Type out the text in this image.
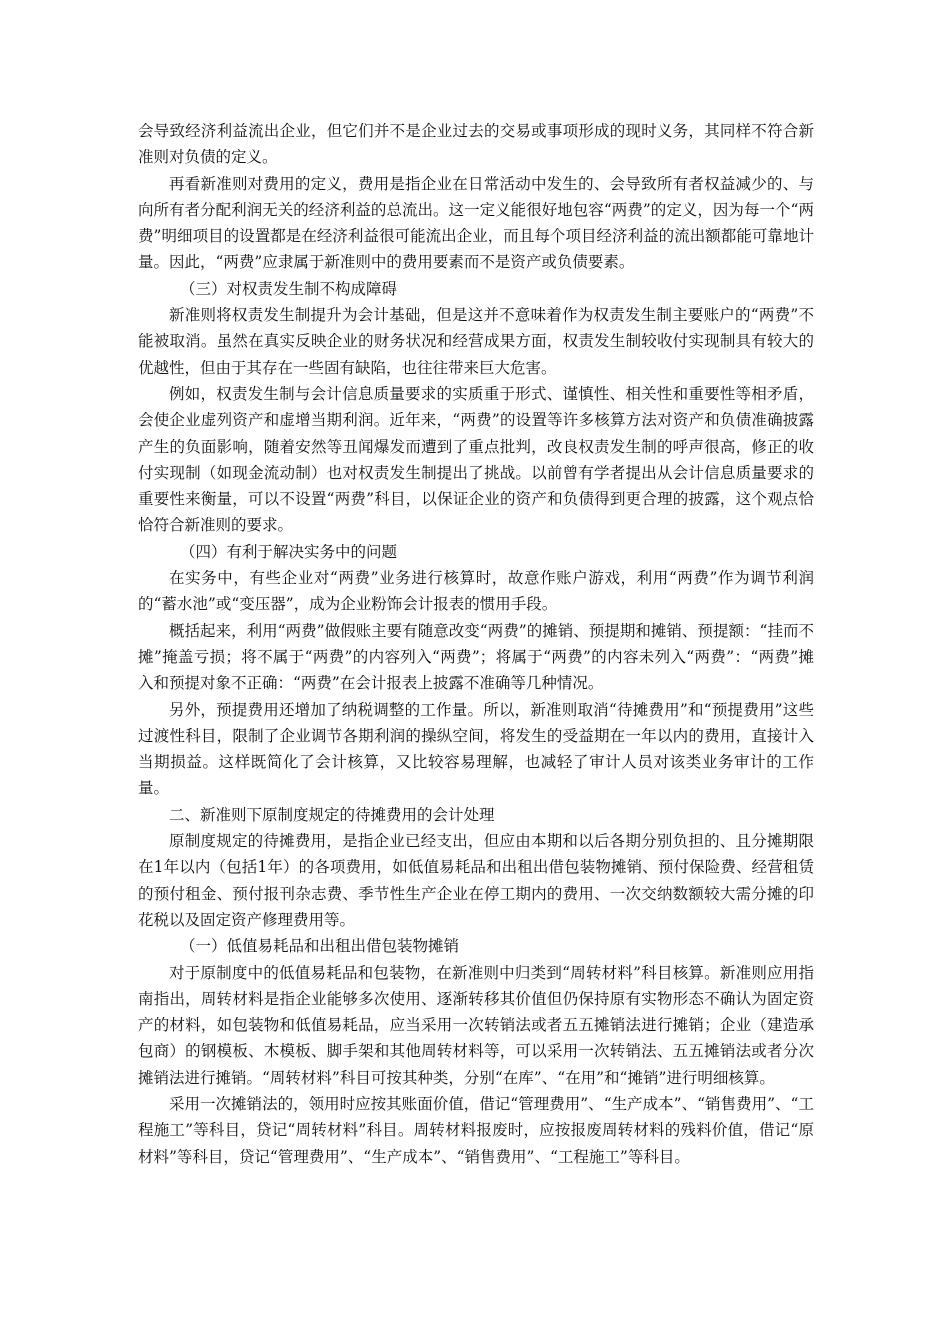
会导致经济利益流出企业，但它们并不是企业过去的交易或事项形成的现时义务，其同样不符合新准则对负债的定义。

再看新准则对费用的定义，费用是指企业在日常活动中发生的、会导致所有者权益减少的、与向所有者分配利润无关的经济利益的总流出。这一定义能很好地包容“两费”的定义，因为每一个“两费”明细项目的设置都是在经济利益很可能流出企业，而且每个项目经济利益的流出额都能可靠地计量。因此，“两费”应隶属于新准则中的费用要素而不是资产或负债要素。

（三）对权责发生制不构成障碍

新准则将权责发生制提升为会计基础，但是这并不意味着作为权责发生制主要账户的“两费”不能被取消。虽然在真实反映企业的财务状况和经营成果方面，权责发生制较收付实现制具有较大的优越性，但由于其存在一些固有缺陷，也往往带来巨大危害。

例如，权责发生制与会计信息质量要求的实质重于形式、谨慎性、相关性和重要性等相矛盾，会使企业虚列资产和虚增当期利润。近年来，“两费”的设置等许多核算方法对资产和负债准确披露产生的负面影响，随着安然等丑闻爆发而遭到了重点批判，改良权责发生制的呼声很高，修正的收付实现制（如现金流动制）也对权责发生制提出了挑战。以前曾有学者提出从会计信息质量要求的重要性来衡量，可以不设置“两费”科目，以保证企业的资产和负债得到更合理的披露，这个观点恰恰符合新准则的要求。

（四）有利于解决实务中的问题

在实务中，有些企业对“两费”业务进行核算时，故意作账户游戏，利用“两费”作为调节利润的“蓄水池”或“变压器”，成为企业粉饰会计报表的惯用手段。

概括起来，利用“两费”做假账主要有随意改变“两费”的摊销、预提期和摊销、预提额：“挂而不摊”掩盖亏损；将不属于“两费”的内容列入“两费”；将属于“两费”的内容未列入“两费”：“两费”摊入和预提对象不正确：“两费”在会计报表上披露不准确等几种情况。

另外，预提费用还增加了纳税调整的工作量。所以，新准则取消“待摊费用”和“预提费用”这些过渡性科目，限制了企业调节各期利润的操纵空间，将发生的受益期在一年以内的费用，直接计入当期损益。这样既简化了会计核算，又比较容易理解，也减轻了审计人员对该类业务审计的工作量。

二、新准则下原制度规定的待摊费用的会计处理

原制度规定的待摊费用，是指企业已经支出，但应由本期和以后各期分别负担的、且分摊期限在1年以内（包括1年）的各项费用，如低值易耗品和出租出借包装物摊销、预付保险费、经营租赁的预付租金、预付报刊杂志费、季节性生产企业在停工期内的费用、一次交纳数额较大需分摊的印花税以及固定资产修理费用等。

（一）低值易耗品和出租出借包装物摊销

对于原制度中的低值易耗品和包装物，在新准则中归类到“周转材料”科目核算。新准则应用指南指出，周转材料是指企业能够多次使用、逐渐转移其价值但仍保持原有实物形态不确认为固定资产的材料，如包装物和低值易耗品，应当采用一次转销法或者五五摊销法进行摊销；企业（建造承包商）的钢模板、木模板、脚手架和其他周转材料等，可以采用一次转销法、五五摊销法或者分次摊销法进行摊销。“周转材料”科目可按其种类，分别“在库”、“在用”和“摊销”进行明细核算。

采用一次摊销法的，领用时应按其账面价值，借记“管理费用”、“生产成本”、“销售费用”、“工程施工”等科目，贷记“周转材料”科目。周转材料报废时，应按报废周转材料的残料价值，借记“原材料”等科目，贷记“管理费用”、“生产成本”、“销售费用”、“工程施工”等科目。
